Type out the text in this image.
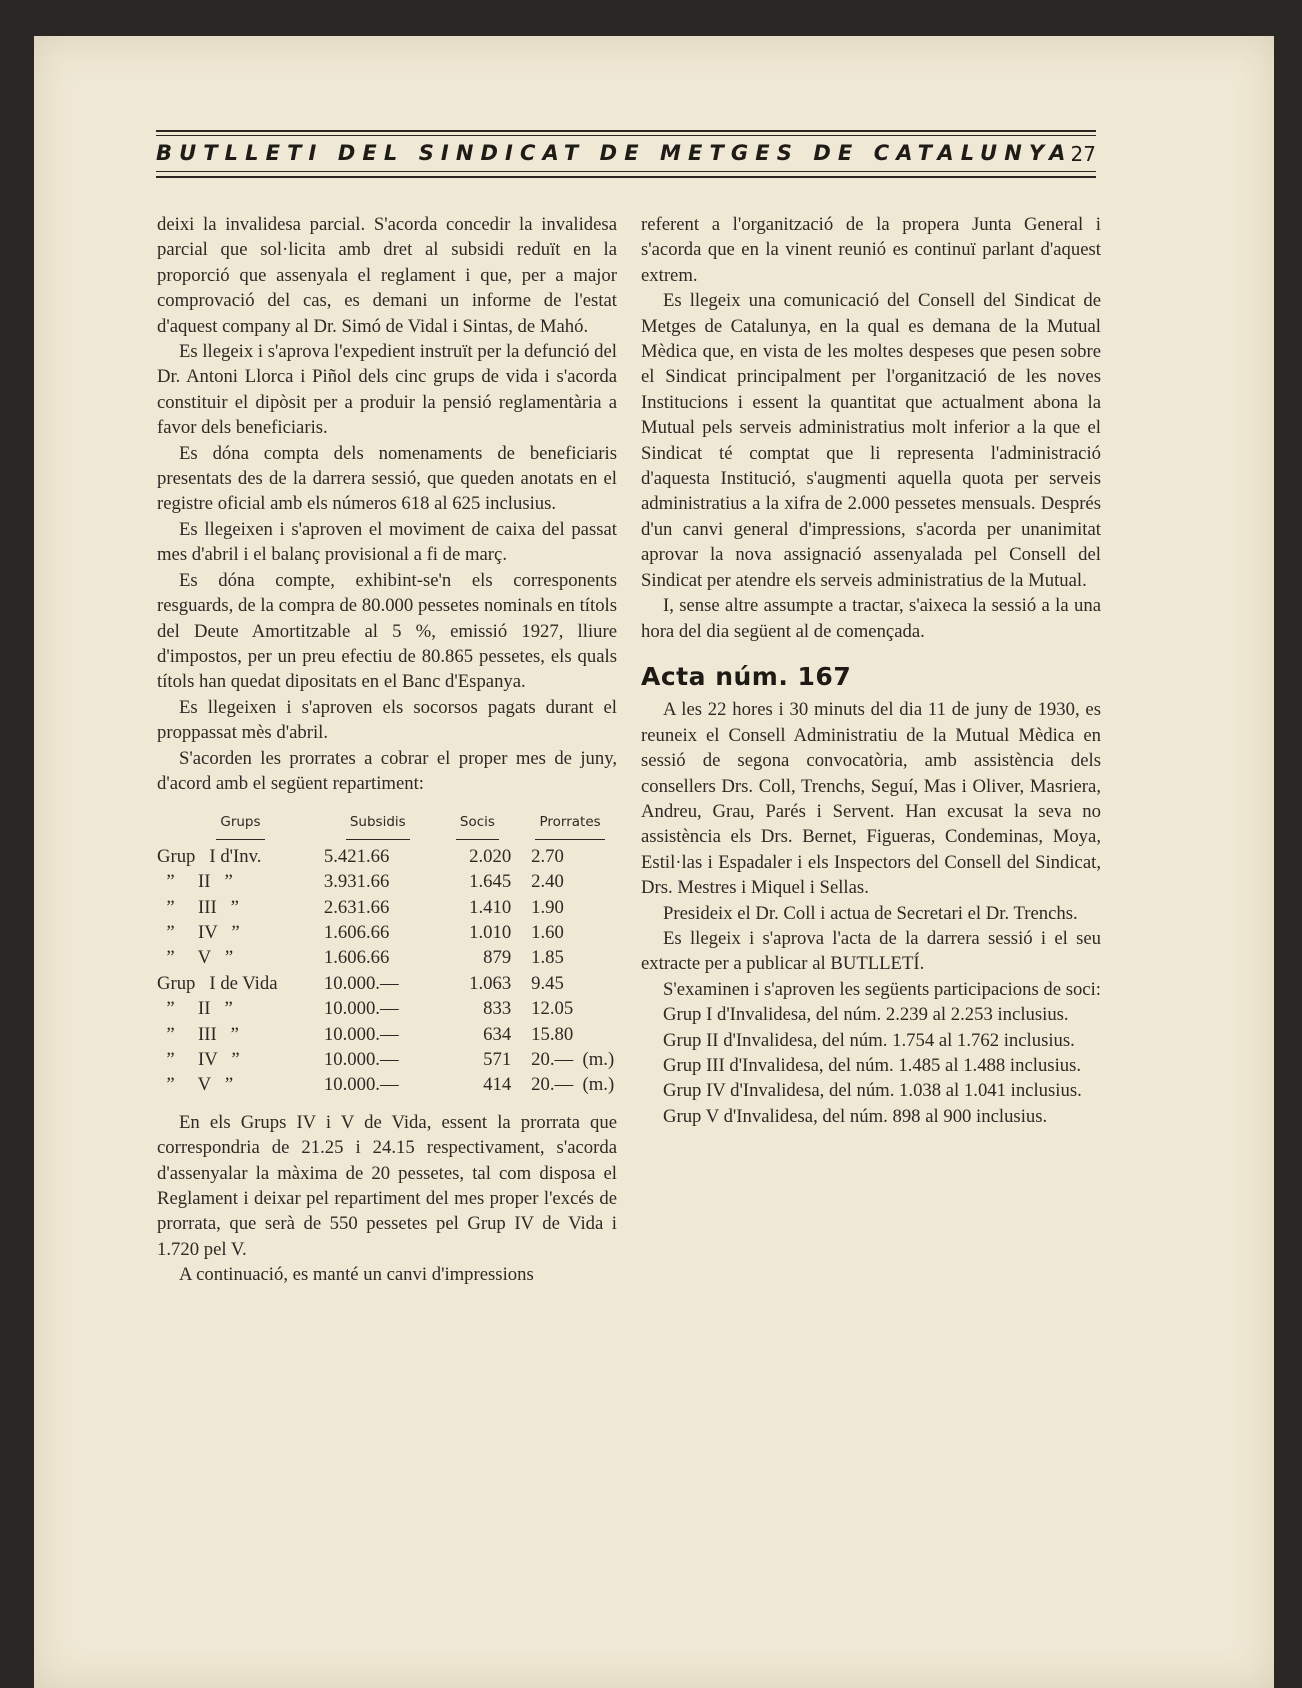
BUTLLETI DEL SINDICAT DE METGES DE CATALUNYA
27

deixi la invalidesa parcial. S'acorda concedir la invalidesa parcial que sol·licita amb dret al subsidi reduït en la proporció que assenyala el reglament i que, per a major comprovació del cas, es demani un informe de l'estat d'aquest company al Dr. Simó de Vidal i Sintas, de Mahó.

Es llegeix i s'aprova l'expedient instruït per la defunció del Dr. Antoni Llorca i Piñol dels cinc grups de vida i s'acorda constituir el dipòsit per a produir la pensió reglamentària a favor dels beneficiaris.

Es dóna compta dels nomenaments de beneficiaris presentats des de la darrera sessió, que queden anotats en el registre oficial amb els números 618 al 625 inclusius.

Es llegeixen i s'aproven el moviment de caixa del passat mes d'abril i el balanç provisional a fi de març.

Es dóna compte, exhibint-se'n els corresponents resguards, de la compra de 80.000 pessetes nominals en títols del Deute Amortitzable al 5 %, emissió 1927, lliure d'impostos, per un preu efectiu de 80.865 pessetes, els quals títols han quedat dipositats en el Banc d'Espanya.

Es llegeixen i s'aproven els socorsos pagats durant el proppassat mès d'abril.

S'acorden les prorrates a cobrar el proper mes de juny, d'acord amb el següent repartiment:

Grups	Subsidis	Socis	Prorrates
Grup   I d'Inv.	5.421.66	2.020	2.70
”     II   ”	3.931.66	1.645	2.40
”     III   ”	2.631.66	1.410	1.90
”     IV   ”	1.606.66	1.010	1.60
”     V   ”	1.606.66	879	1.85
Grup   I de Vida	10.000.—	1.063	9.45
”     II   ”	10.000.—	833	12.05
”     III   ”	10.000.—	634	15.80
”     IV   ”	10.000.—	571	20.—  (m.)
”     V   ”	10.000.—	414	20.—  (m.)

En els Grups IV i V de Vida, essent la prorrata que correspondria de 21.25 i 24.15 respectivament, s'acorda d'assenyalar la màxima de 20 pessetes, tal com disposa el Reglament i deixar pel repartiment del mes proper l'excés de prorrata, que serà de 550 pessetes pel Grup IV de Vida i 1.720 pel V.

A continuació, es manté un canvi d'impressions

referent a l'organització de la propera Junta General i s'acorda que en la vinent reunió es continuï parlant d'aquest extrem.

Es llegeix una comunicació del Consell del Sindicat de Metges de Catalunya, en la qual es demana de la Mutual Mèdica que, en vista de les moltes despeses que pesen sobre el Sindicat principalment per l'organització de les noves Institucions i essent la quantitat que actualment abona la Mutual pels serveis administratius molt inferior a la que el Sindicat té comptat que li representa l'administració d'aquesta Institució, s'augmenti aquella quota per serveis administratius a la xifra de 2.000 pessetes mensuals. Després d'un canvi general d'impressions, s'acorda per unanimitat aprovar la nova assignació assenyalada pel Consell del Sindicat per atendre els serveis administratius de la Mutual.

I, sense altre assumpte a tractar, s'aixeca la sessió a la una hora del dia següent al de començada.

Acta núm. 167

A les 22 hores i 30 minuts del dia 11 de juny de 1930, es reuneix el Consell Administratiu de la Mutual Mèdica en sessió de segona convocatòria, amb assistència dels consellers Drs. Coll, Trenchs, Seguí, Mas i Oliver, Masriera, Andreu, Grau, Parés i Servent. Han excusat la seva no assistència els Drs. Bernet, Figueras, Condeminas, Moya, Estil·las i Espadaler i els Inspectors del Consell del Sindicat, Drs. Mestres i Miquel i Sellas.

Presideix el Dr. Coll i actua de Secretari el Dr. Trenchs.

Es llegeix i s'aprova l'acta de la darrera sessió i el seu extracte per a publicar al BUTLLETÍ.

S'examinen i s'aproven les següents participacions de soci:

Grup I d'Invalidesa, del núm. 2.239 al 2.253 inclusius.

Grup II d'Invalidesa, del núm. 1.754 al 1.762 inclusius.

Grup III d'Invalidesa, del núm. 1.485 al 1.488 inclusius.

Grup IV d'Invalidesa, del núm. 1.038 al 1.041 inclusius.

Grup V d'Invalidesa, del núm. 898 al 900 inclusius.
